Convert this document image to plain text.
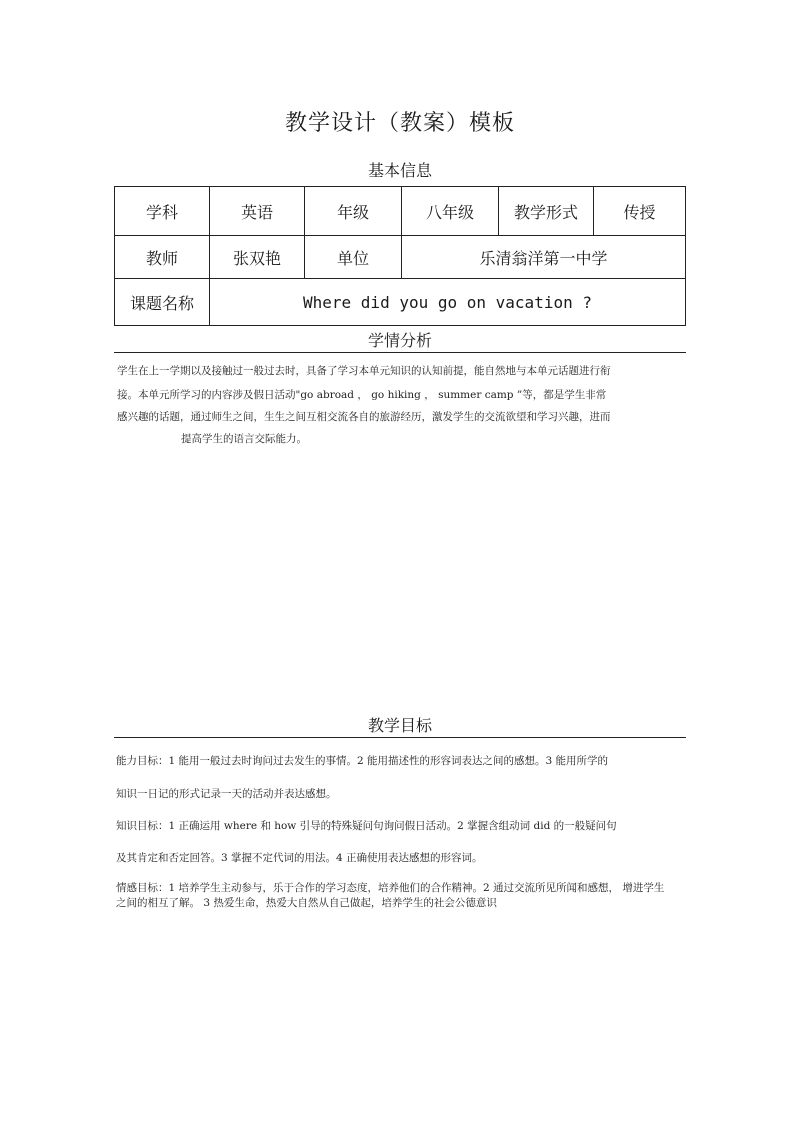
教学设计（教案）模板
基本信息
学科	英语	年级	八年级	教学形式	传授
教师	张双艳	单位	乐清翁洋第一中学		
课题名称	Where did you go on vacation ?				
学情分析
学生在上一学期以及接触过一般过去时，具备了学习本单元知识的认知前提，能自然地与本单元话题进行衔
接。本单元所学习的内容涉及假日活动"go abroad ， go hiking ， summer camp ”等，都是学生非常
感兴趣的话题，通过师生之间，生生之间互相交流各自的旅游经历，激发学生的交流欲望和学习兴趣，进而
提高学生的语言交际能力。
教学目标
能力目标：1 能用一般过去时询问过去发生的事情。2 能用描述性的形容词表达之间的感想。3 能用所学的
知识一日记的形式记录一天的活动并表达感想。
知识目标：1 正确运用 where 和 how 引导的特殊疑问句询问假日活动。2 掌握含组动词 did 的一般疑问句
及其肯定和否定回答。3 掌握不定代词的用法。4 正确使用表达感想的形容词。
情感目标：1 培养学生主动参与，乐于合作的学习态度，培养他们的合作精神。2 通过交流所见所闻和感想， 增进学生
之间的相互了解。 3 热爱生命，热爱大自然从自己做起，培养学生的社会公德意识
